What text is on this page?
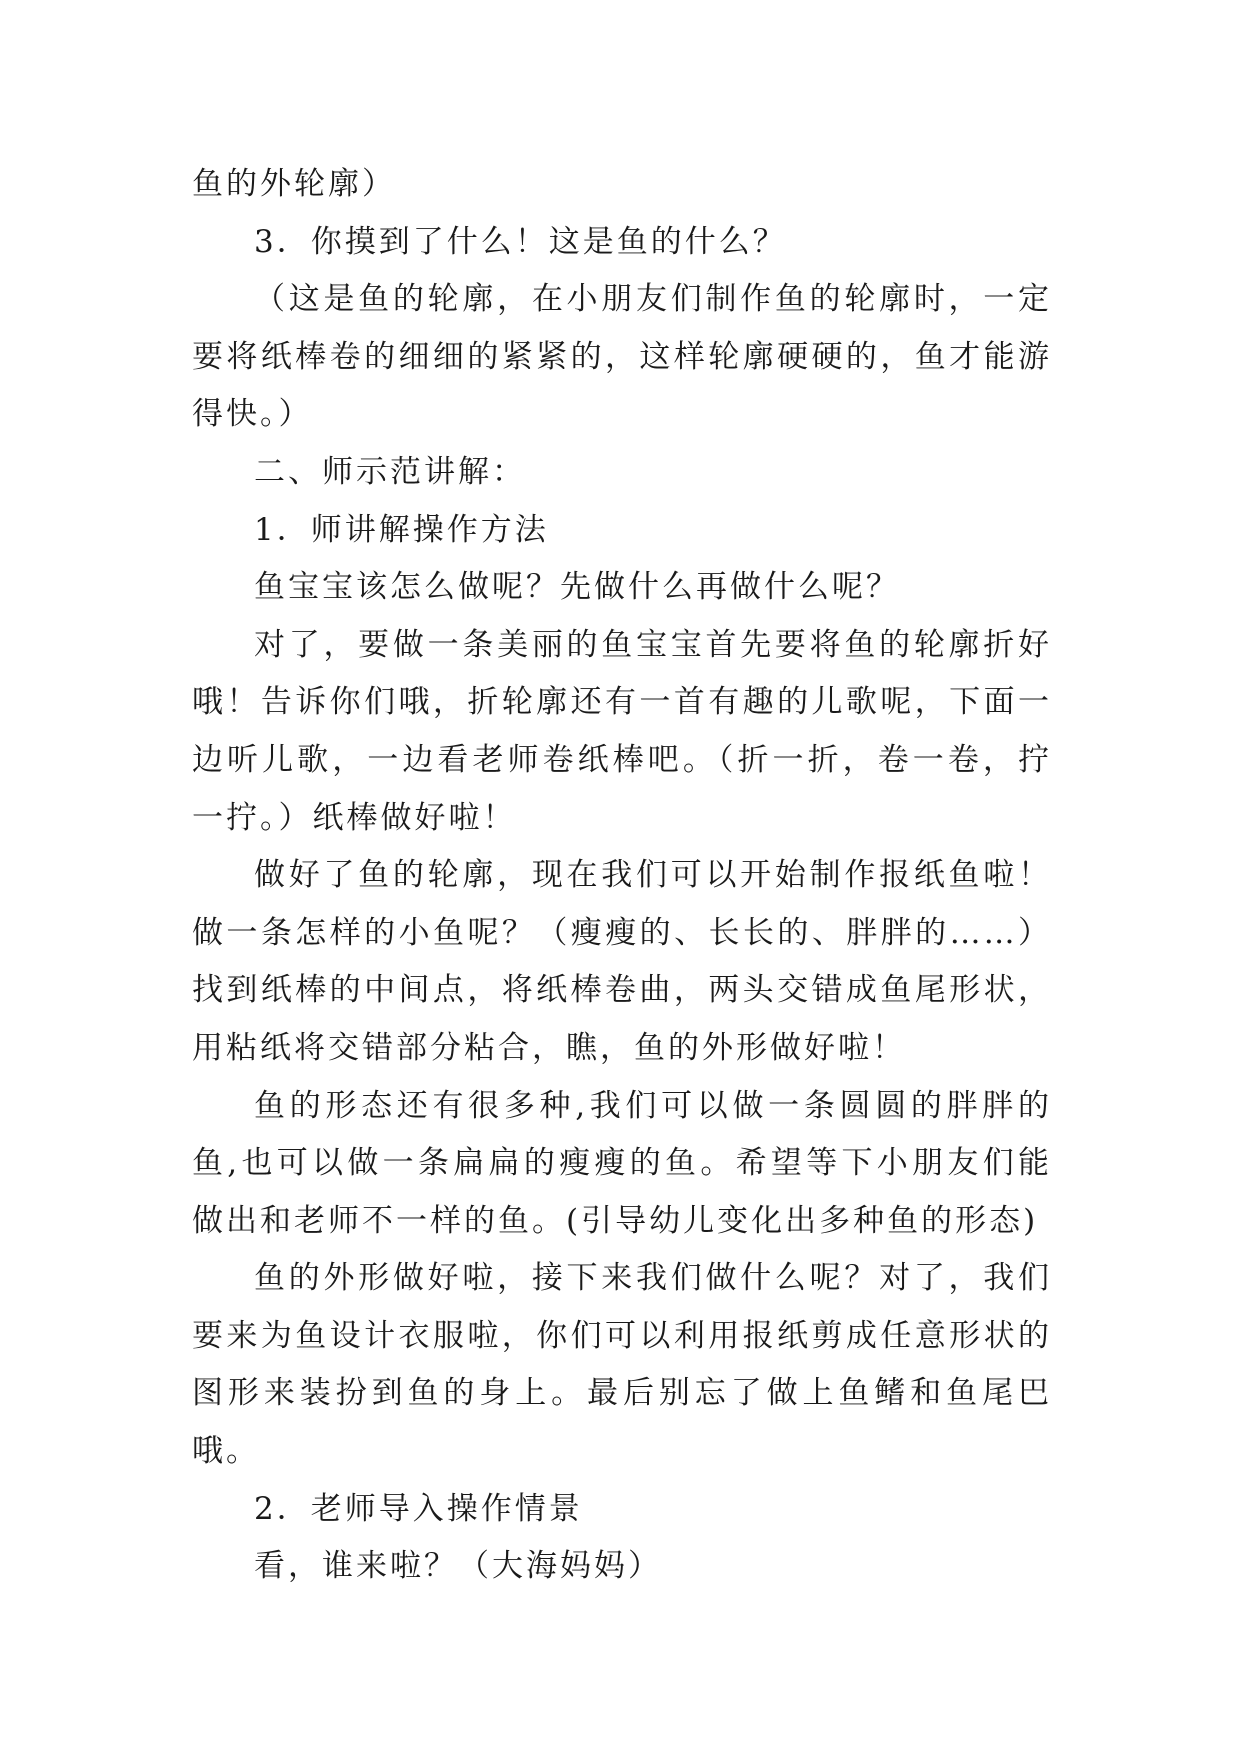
鱼的外轮廓）

3．你摸到了什么！这是鱼的什么？

（这是鱼的轮廓，在小朋友们制作鱼的轮廓时，一定要将纸棒卷的细细的紧紧的，这样轮廓硬硬的，鱼才能游得快。）

二、师示范讲解：

1．师讲解操作方法

鱼宝宝该怎么做呢？先做什么再做什么呢？

对了，要做一条美丽的鱼宝宝首先要将鱼的轮廓折好哦！告诉你们哦，折轮廓还有一首有趣的儿歌呢，下面一边听儿歌，一边看老师卷纸棒吧。（折一折，卷一卷，拧一拧。）纸棒做好啦！

做好了鱼的轮廓，现在我们可以开始制作报纸鱼啦！做一条怎样的小鱼呢？（瘦瘦的、长长的、胖胖的……）找到纸棒的中间点，将纸棒卷曲，两头交错成鱼尾形状，用粘纸将交错部分粘合，瞧，鱼的外形做好啦！

鱼的形态还有很多种,我们可以做一条圆圆的胖胖的鱼,也可以做一条扁扁的瘦瘦的鱼。希望等下小朋友们能做出和老师不一样的鱼。(引导幼儿变化出多种鱼的形态)

鱼的外形做好啦，接下来我们做什么呢？对了，我们要来为鱼设计衣服啦，你们可以利用报纸剪成任意形状的图形来装扮到鱼的身上。最后别忘了做上鱼鳍和鱼尾巴哦。

2．老师导入操作情景

看，谁来啦？（大海妈妈）
